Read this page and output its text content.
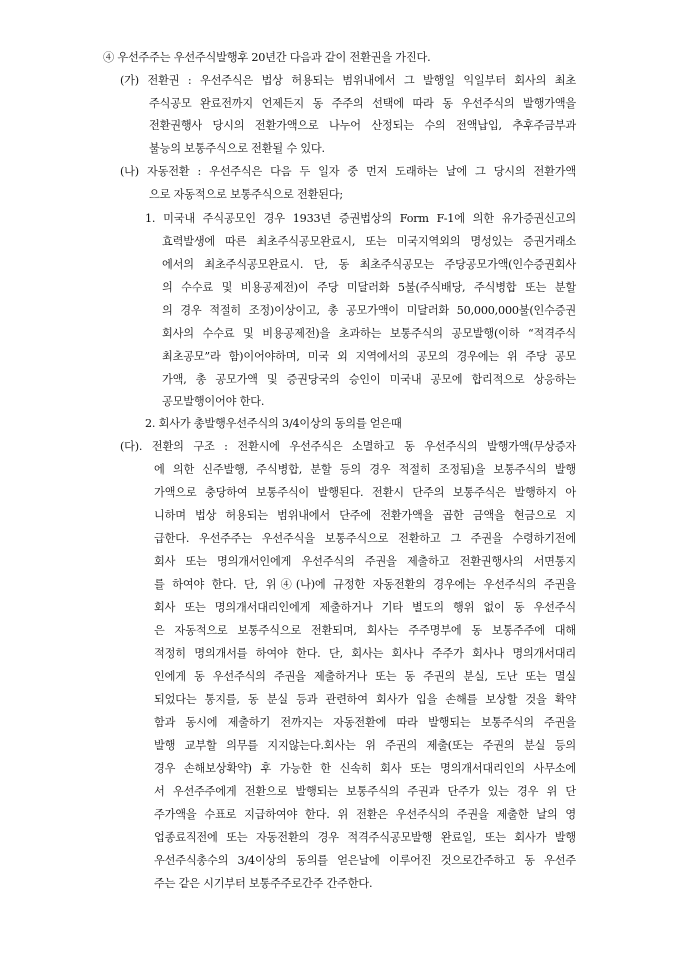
④ 우선주주는 우선주식발행후 20년간 다음과 같이 전환권을 가진다.
(가) 전환권 : 우선주식은 법상 허용되는 범위내에서 그 발행일 익일부터 회사의 최초
주식공모 완료전까지 언제든지 동 주주의 선택에 따라 동 우선주식의 발행가액을
전환권행사 당시의 전환가액으로 나누어 산정되는 수의 전액납입, 추후주금부과
불능의 보통주식으로 전환될 수 있다.
(나) 자동전환 : 우선주식은 다음 두 일자 중 먼저 도래하는 날에 그 당시의 전환가액
으로 자동적으로 보통주식으로 전환된다;
1. 미국내 주식공모인 경우 1933년 증권법상의 Form F-1에 의한 유가증권신고의
효력발생에 따른 최초주식공모완료시, 또는 미국지역외의 명성있는 증권거래소
에서의 최초주식공모완료시. 단, 동 최초주식공모는 주당공모가액(인수증권회사
의 수수료 및 비용공제전)이 주당 미달러화 5불(주식배당, 주식병합 또는 분할
의 경우 적절히 조정)이상이고, 총 공모가액이 미달러화 50,000,000불(인수증권
회사의 수수료 및 비용공제전)을 초과하는 보통주식의 공모발행(이하 “적격주식
최초공모”라 함)이어야하며, 미국 외 지역에서의 공모의 경우에는 위 주당 공모
가액, 총 공모가액 및 증권당국의 승인이 미국내 공모에 합리적으로 상응하는
공모발행이어야 한다.
2. 회사가 총발행우선주식의 3/4이상의 동의를 얻은때
(다). 전환의 구조 : 전환시에 우선주식은 소멸하고 동 우선주식의 발행가액(무상증자
에 의한 신주발행, 주식병합, 분할 등의 경우 적절히 조정됨)을 보통주식의 발행
가액으로 충당하여 보통주식이 발행된다. 전환시 단주의 보통주식은 발행하지 아
니하며 법상 허용되는 범위내에서 단주에 전환가액을 곱한 금액을 현금으로 지
급한다. 우선주주는 우선주식을 보통주식으로 전환하고 그 주권을 수령하기전에
회사 또는 명의개서인에게 우선주식의 주권을 제출하고 전환권행사의 서면통지
를 하여야 한다. 단, 위④(나)에 규정한 자동전환의 경우에는 우선주식의 주권을
회사 또는 명의개서대리인에게 제출하거나 기타 별도의 행위 없이 동 우선주식
은 자동적으로 보통주식으로 전환되며, 회사는 주주명부에 동 보통주주에 대해
적정히 명의개서를 하여야 한다. 단, 회사는 회사나 주주가 회사나 명의개서대리
인에게 동 우선주식의 주권을 제출하거나 또는 동 주권의 분실, 도난 또는 멸실
되었다는 통지를, 동 분실 등과 관련하여 회사가 입을 손해를 보상할 것을 확약
함과 동시에 제출하기 전까지는 자동전환에 따라 발행되는 보통주식의 주권을
발행 교부할 의무를 지지않는다.회사는 위 주권의 제출(또는 주권의 분실 등의
경우 손해보상확약) 후 가능한 한 신속히 회사 또는 명의개서대리인의 사무소에
서 우선주주에게 전환으로 발행되는 보통주식의 주권과 단주가 있는 경우 위 단
주가액을 수표로 지급하여야 한다. 위 전환은 우선주식의 주권을 제출한 날의 영
업종료직전에 또는 자동전환의 경우 적격주식공모발행 완료일, 또는 회사가 발행
우선주식총수의 3/4이상의 동의를 얻은날에 이루어진 것으로간주하고 동 우선주
주는 같은 시기부터 보통주주로간주 간주한다.
